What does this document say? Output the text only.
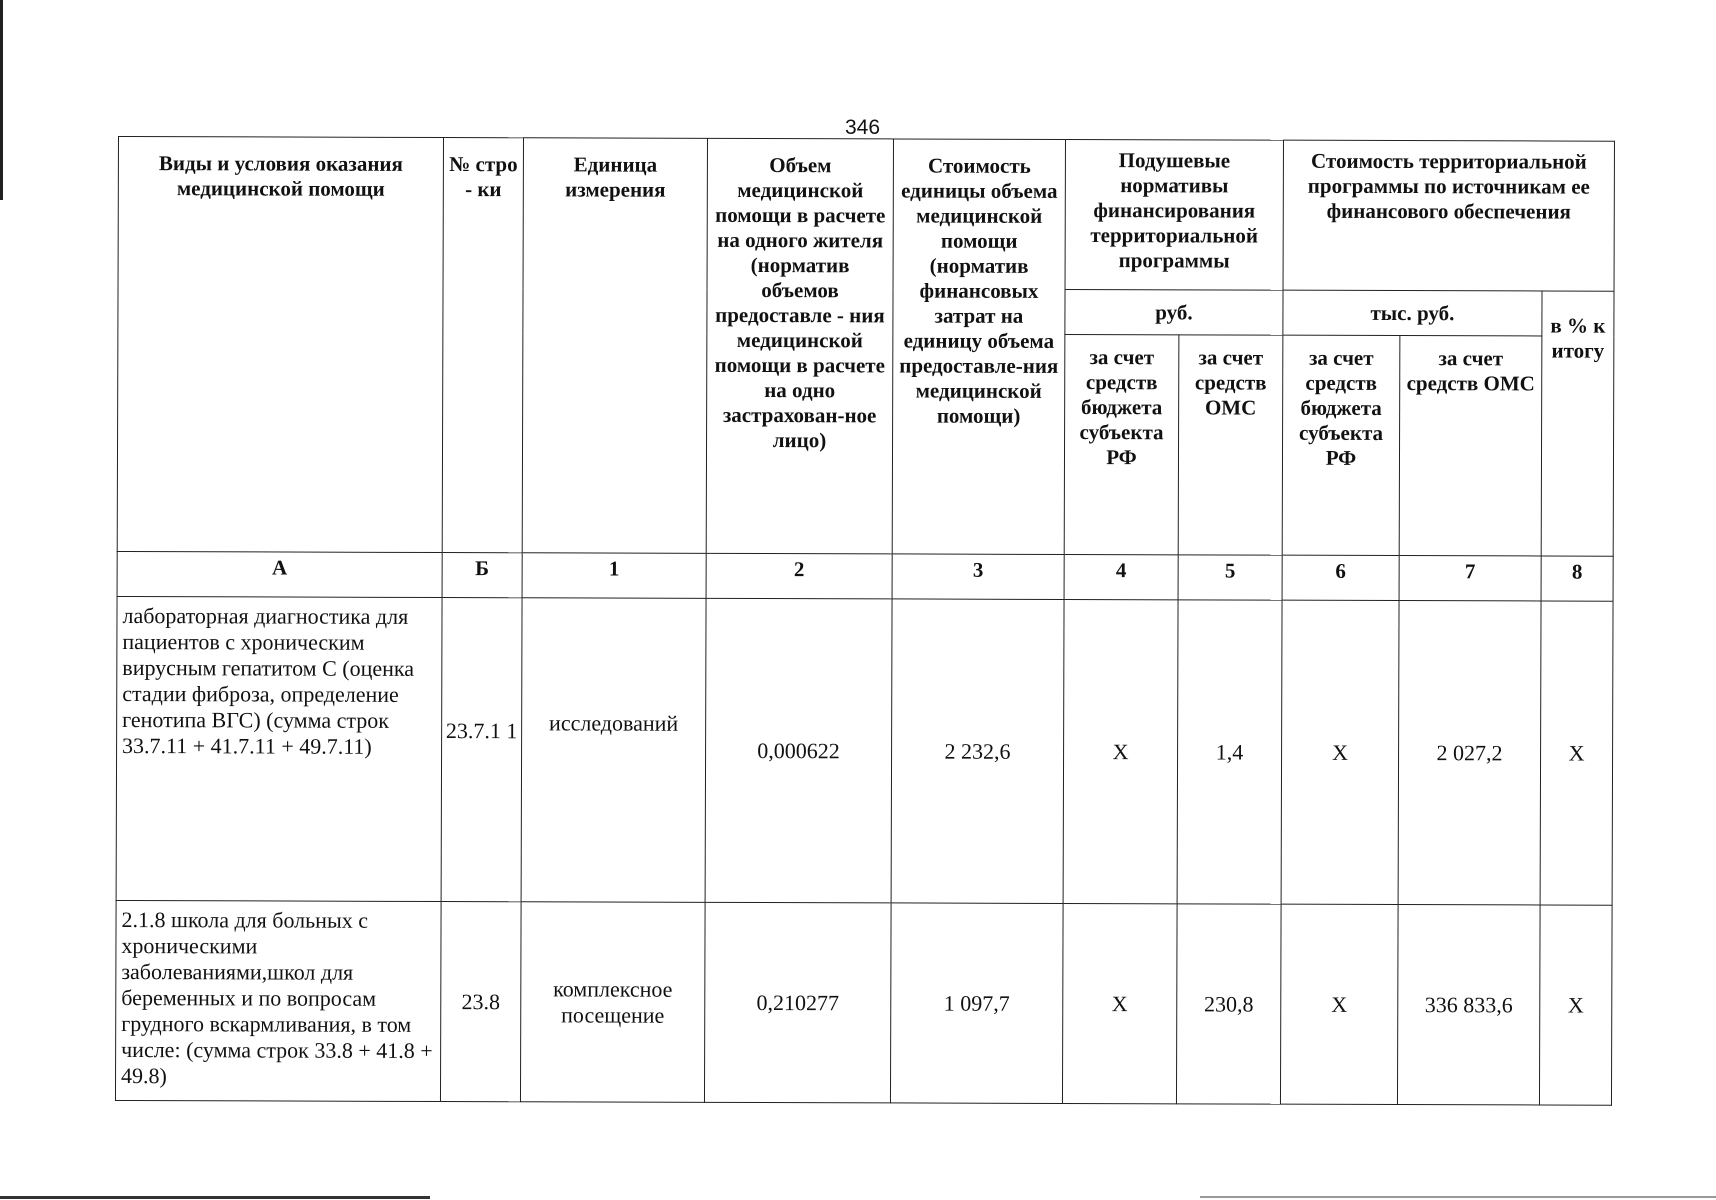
346
Виды и условия оказания медицинской помощи	№ стро - ки	Единица измерения	Объем медицинской помощи в расчете на одного жителя (норматив объемов предоставле - ния медицинской помощи в расчете на одно застрахован-ное лицо)	Стоимость единицы объема медицинской помощи (норматив финансовых затрат на единицу объема предоставле-ния медицинской помощи)	Подушевые нормативы финансирования территориальной программы		Стоимость территориальной программы по источникам ее финансового обеспечения		
					руб.		тыс. руб.		в % к итогу
					за счет средств бюджета субъекта РФ	за счет средств ОМС	за счет средств бюджета субъекта РФ	за счет средств ОМС	
А	Б	1	2	3	4	5	6	7	8
лабораторная диагностика для пациентов с хроническим вирусным гепатитом С (оценка стадии фиброза, определение генотипа ВГС) (сумма строк 33.7.11 + 41.7.11 + 49.7.11)	23.7.1 1	исследований	0,000622	2 232,6	Х	1,4	Х	2 027,2	Х
2.1.8 школа для больных с хроническими заболеваниями,школ для беременных и по вопросам грудного вскармливания, в том числе: (сумма строк 33.8 + 41.8 + 49.8)	23.8	комплексное посещение	0,210277	1 097,7	Х	230,8	Х	336 833,6	Х
